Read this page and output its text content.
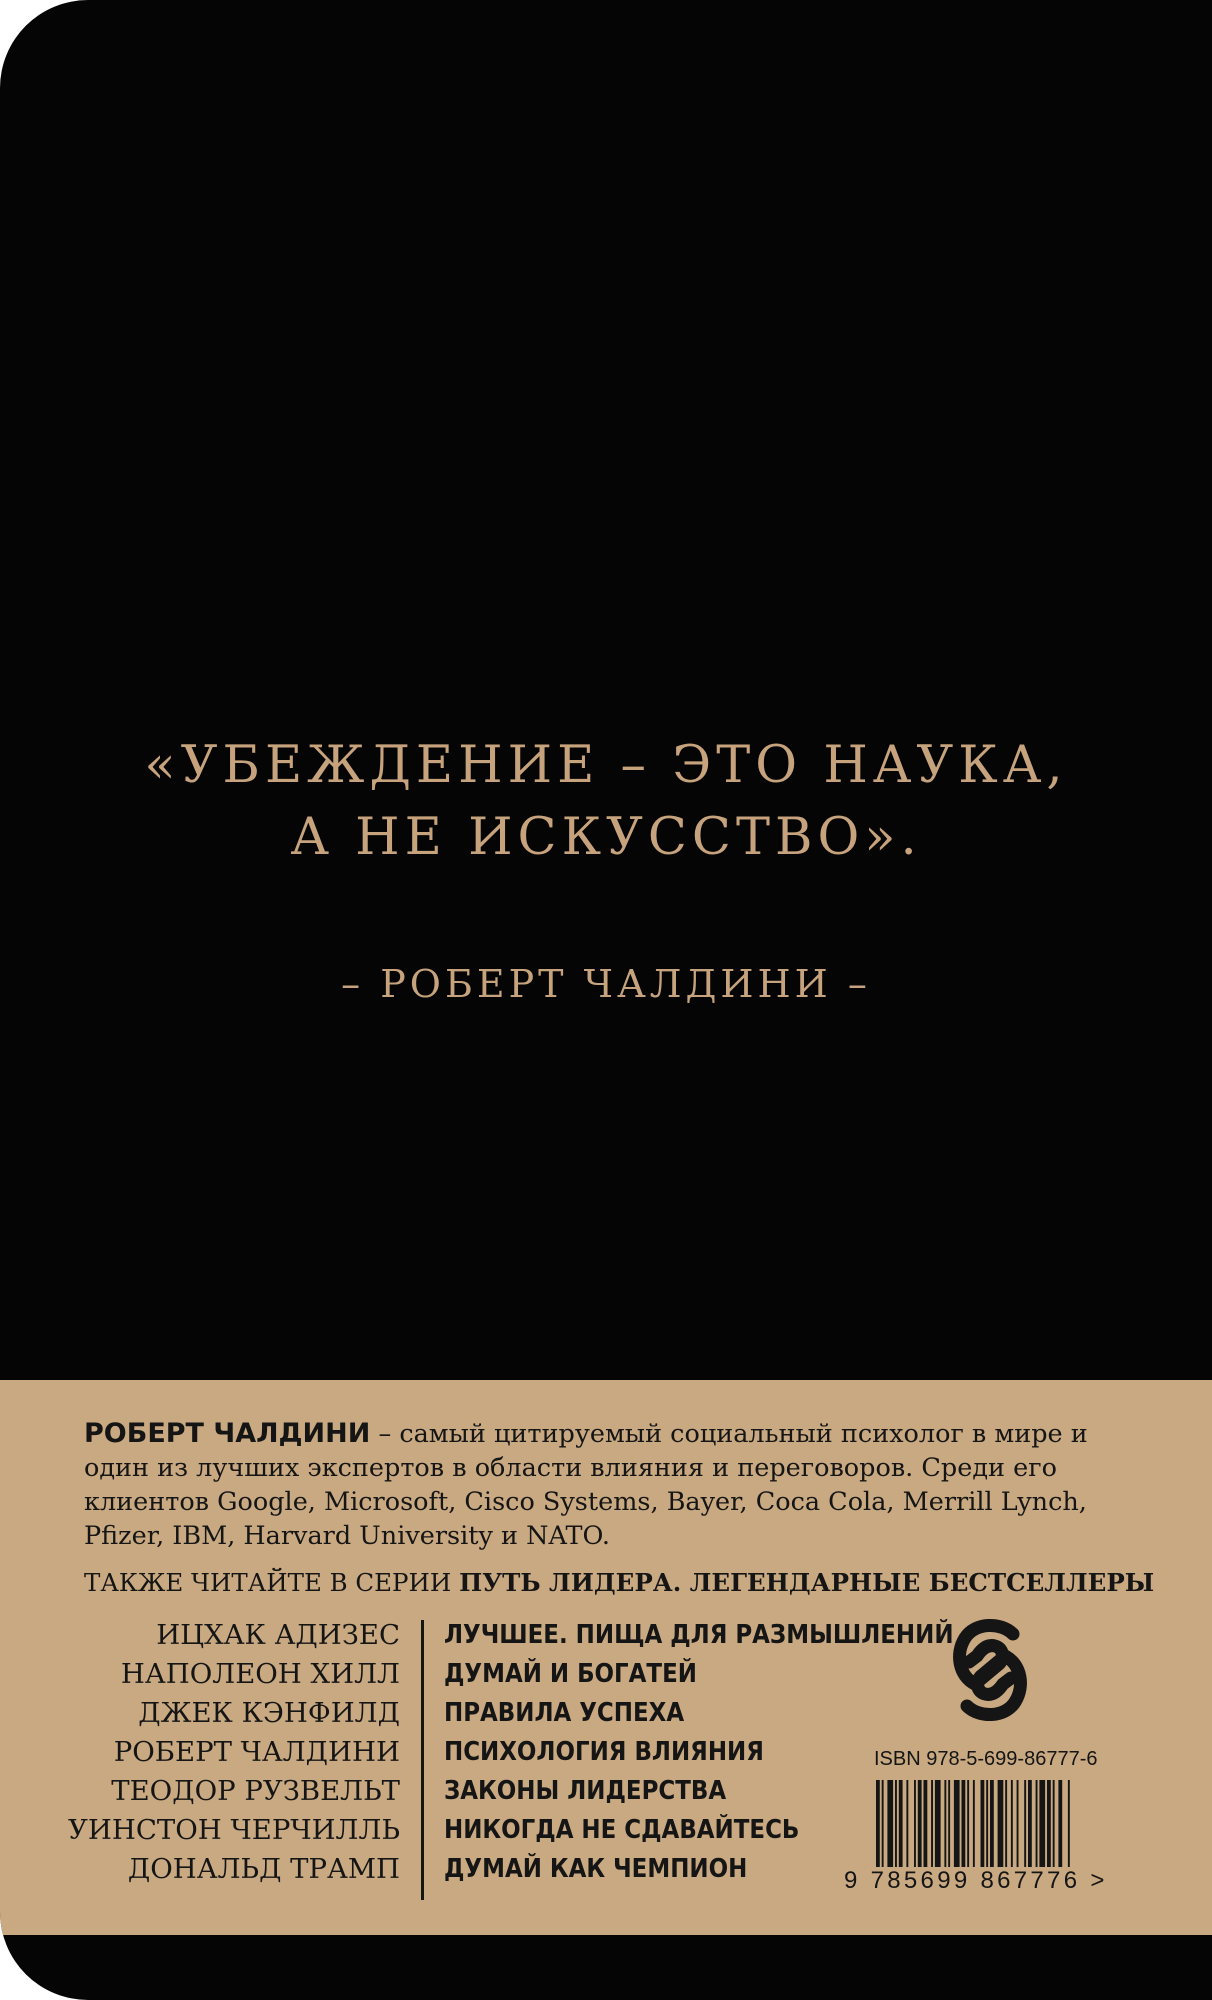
«УБЕЖДЕНИЕ – ЭТО НАУКА,
А НЕ ИСКУССТВО».
– РОБЕРТ ЧАЛДИНИ –
РОБЕРТ ЧАЛДИНИ – самый цитируемый социальный психолог в мире и один из лучших экспертов в области влияния и переговоров. Среди его клиентов Google, Microsoft, Cisco Systems, Bayer, Coca Cola, Merrill Lynch, Pfizer, IBM, Harvard University и NATO.
ТАКЖЕ ЧИТАЙТЕ В СЕРИИ ПУТЬ ЛИДЕРА. ЛЕГЕНДАРНЫЕ БЕСТСЕЛЛЕРЫ
ИЦХАК АДИЗЕС
НАПОЛЕОН ХИЛЛ
ДЖЕК КЭНФИЛД
РОБЕРТ ЧАЛДИНИ
ТЕОДОР РУЗВЕЛЬТ
УИНСТОН ЧЕРЧИЛЛЬ
ДОНАЛЬД ТРАМП
ЛУЧШЕЕ. ПИЩА ДЛЯ РАЗМЫШЛЕНИЙ
ДУМАЙ И БОГАТЕЙ
ПРАВИЛА УСПЕХА
ПСИХОЛОГИЯ ВЛИЯНИЯ
ЗАКОНЫ ЛИДЕРСТВА
НИКОГДА НЕ СДАВАЙТЕСЬ
ДУМАЙ КАК ЧЕМПИОН
ISBN 978-5-699-86777-6
9 785699 867776 >
